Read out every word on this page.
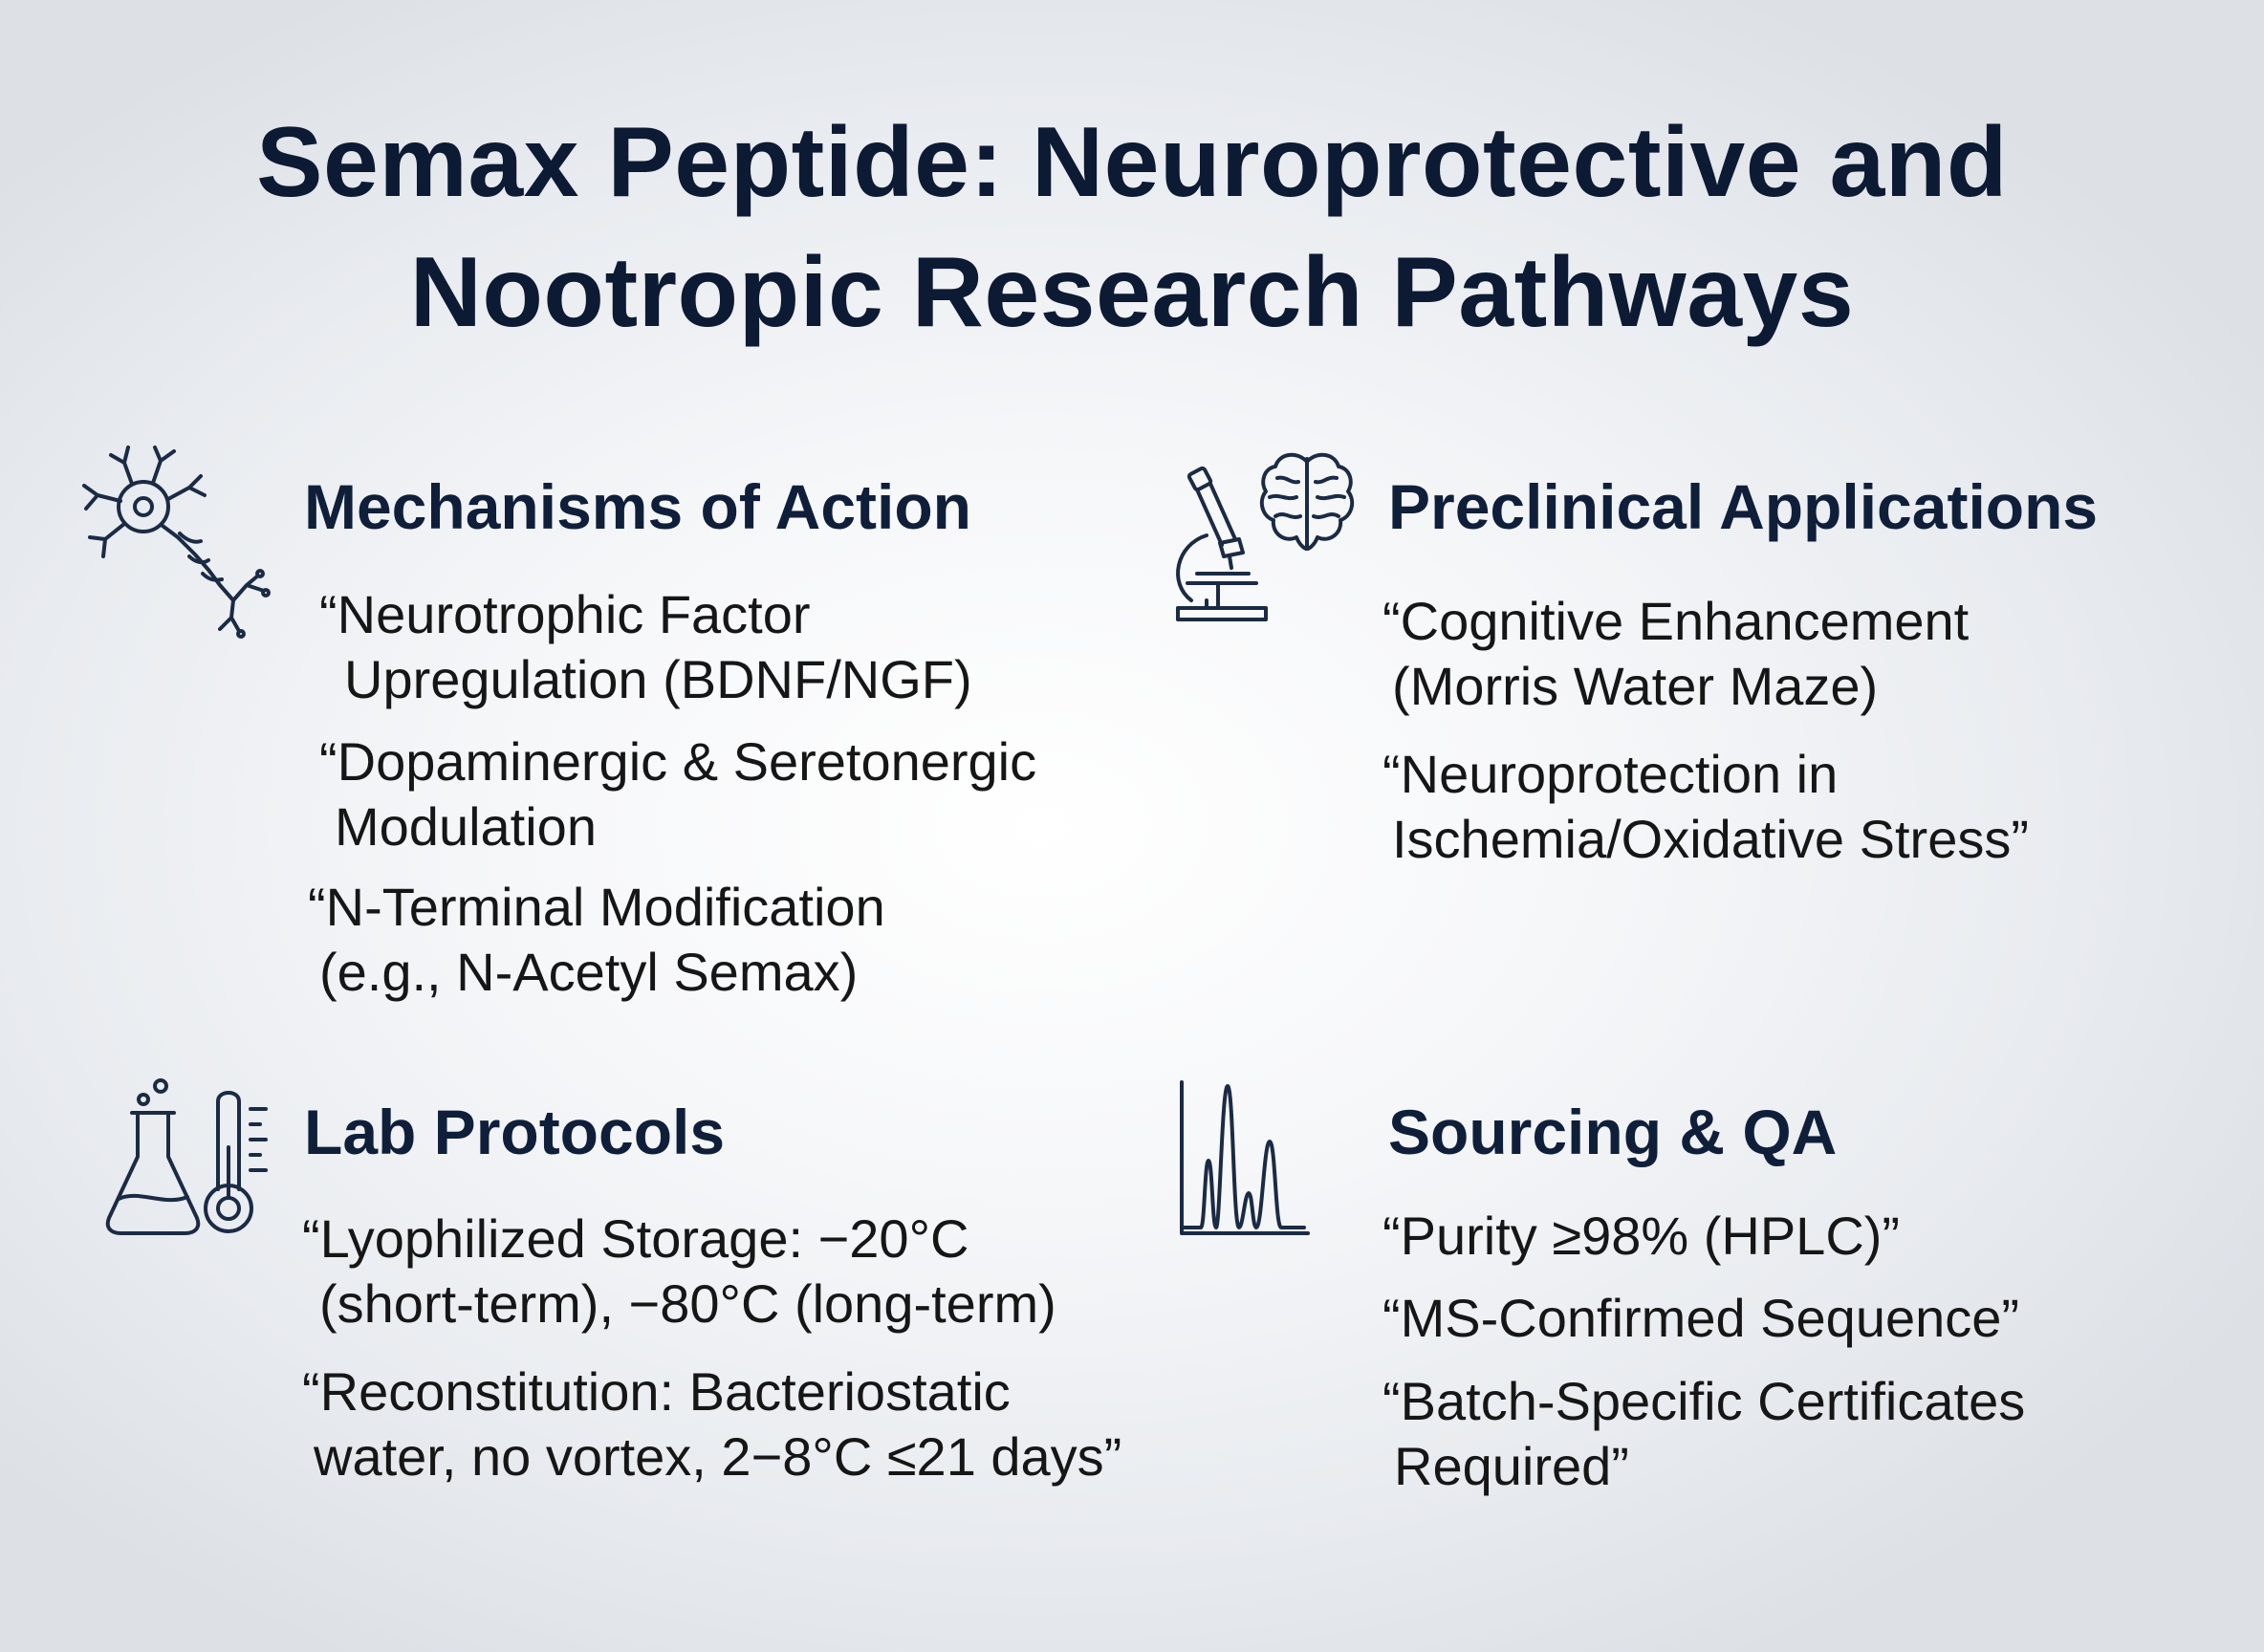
Semax Peptide: Neuroprotective and
Nootropic Research Pathways
Mechanisms of Action

“Neurotrophic Factor
Upregulation (BDNF/NGF)

“Dopaminergic & Seretonergic
Modulation

“N-Terminal Modification
(e.g., N-Acetyl Semax)

Preclinical Applications

“Cognitive Enhancement
(Morris Water Maze)

“Neuroprotection in
Ischemia/Oxidative Stress”

Lab Protocols

“Lyophilized Storage: −20°C
(short-term), −80°C (long-term)

“Reconstitution: Bacteriostatic
water, no vortex, 2−8°C ≤21 days”

Sourcing & QA

“Purity ≥98% (HPLC)”

“MS-Confirmed Sequence”

“Batch-Specific Certificates
Required”
